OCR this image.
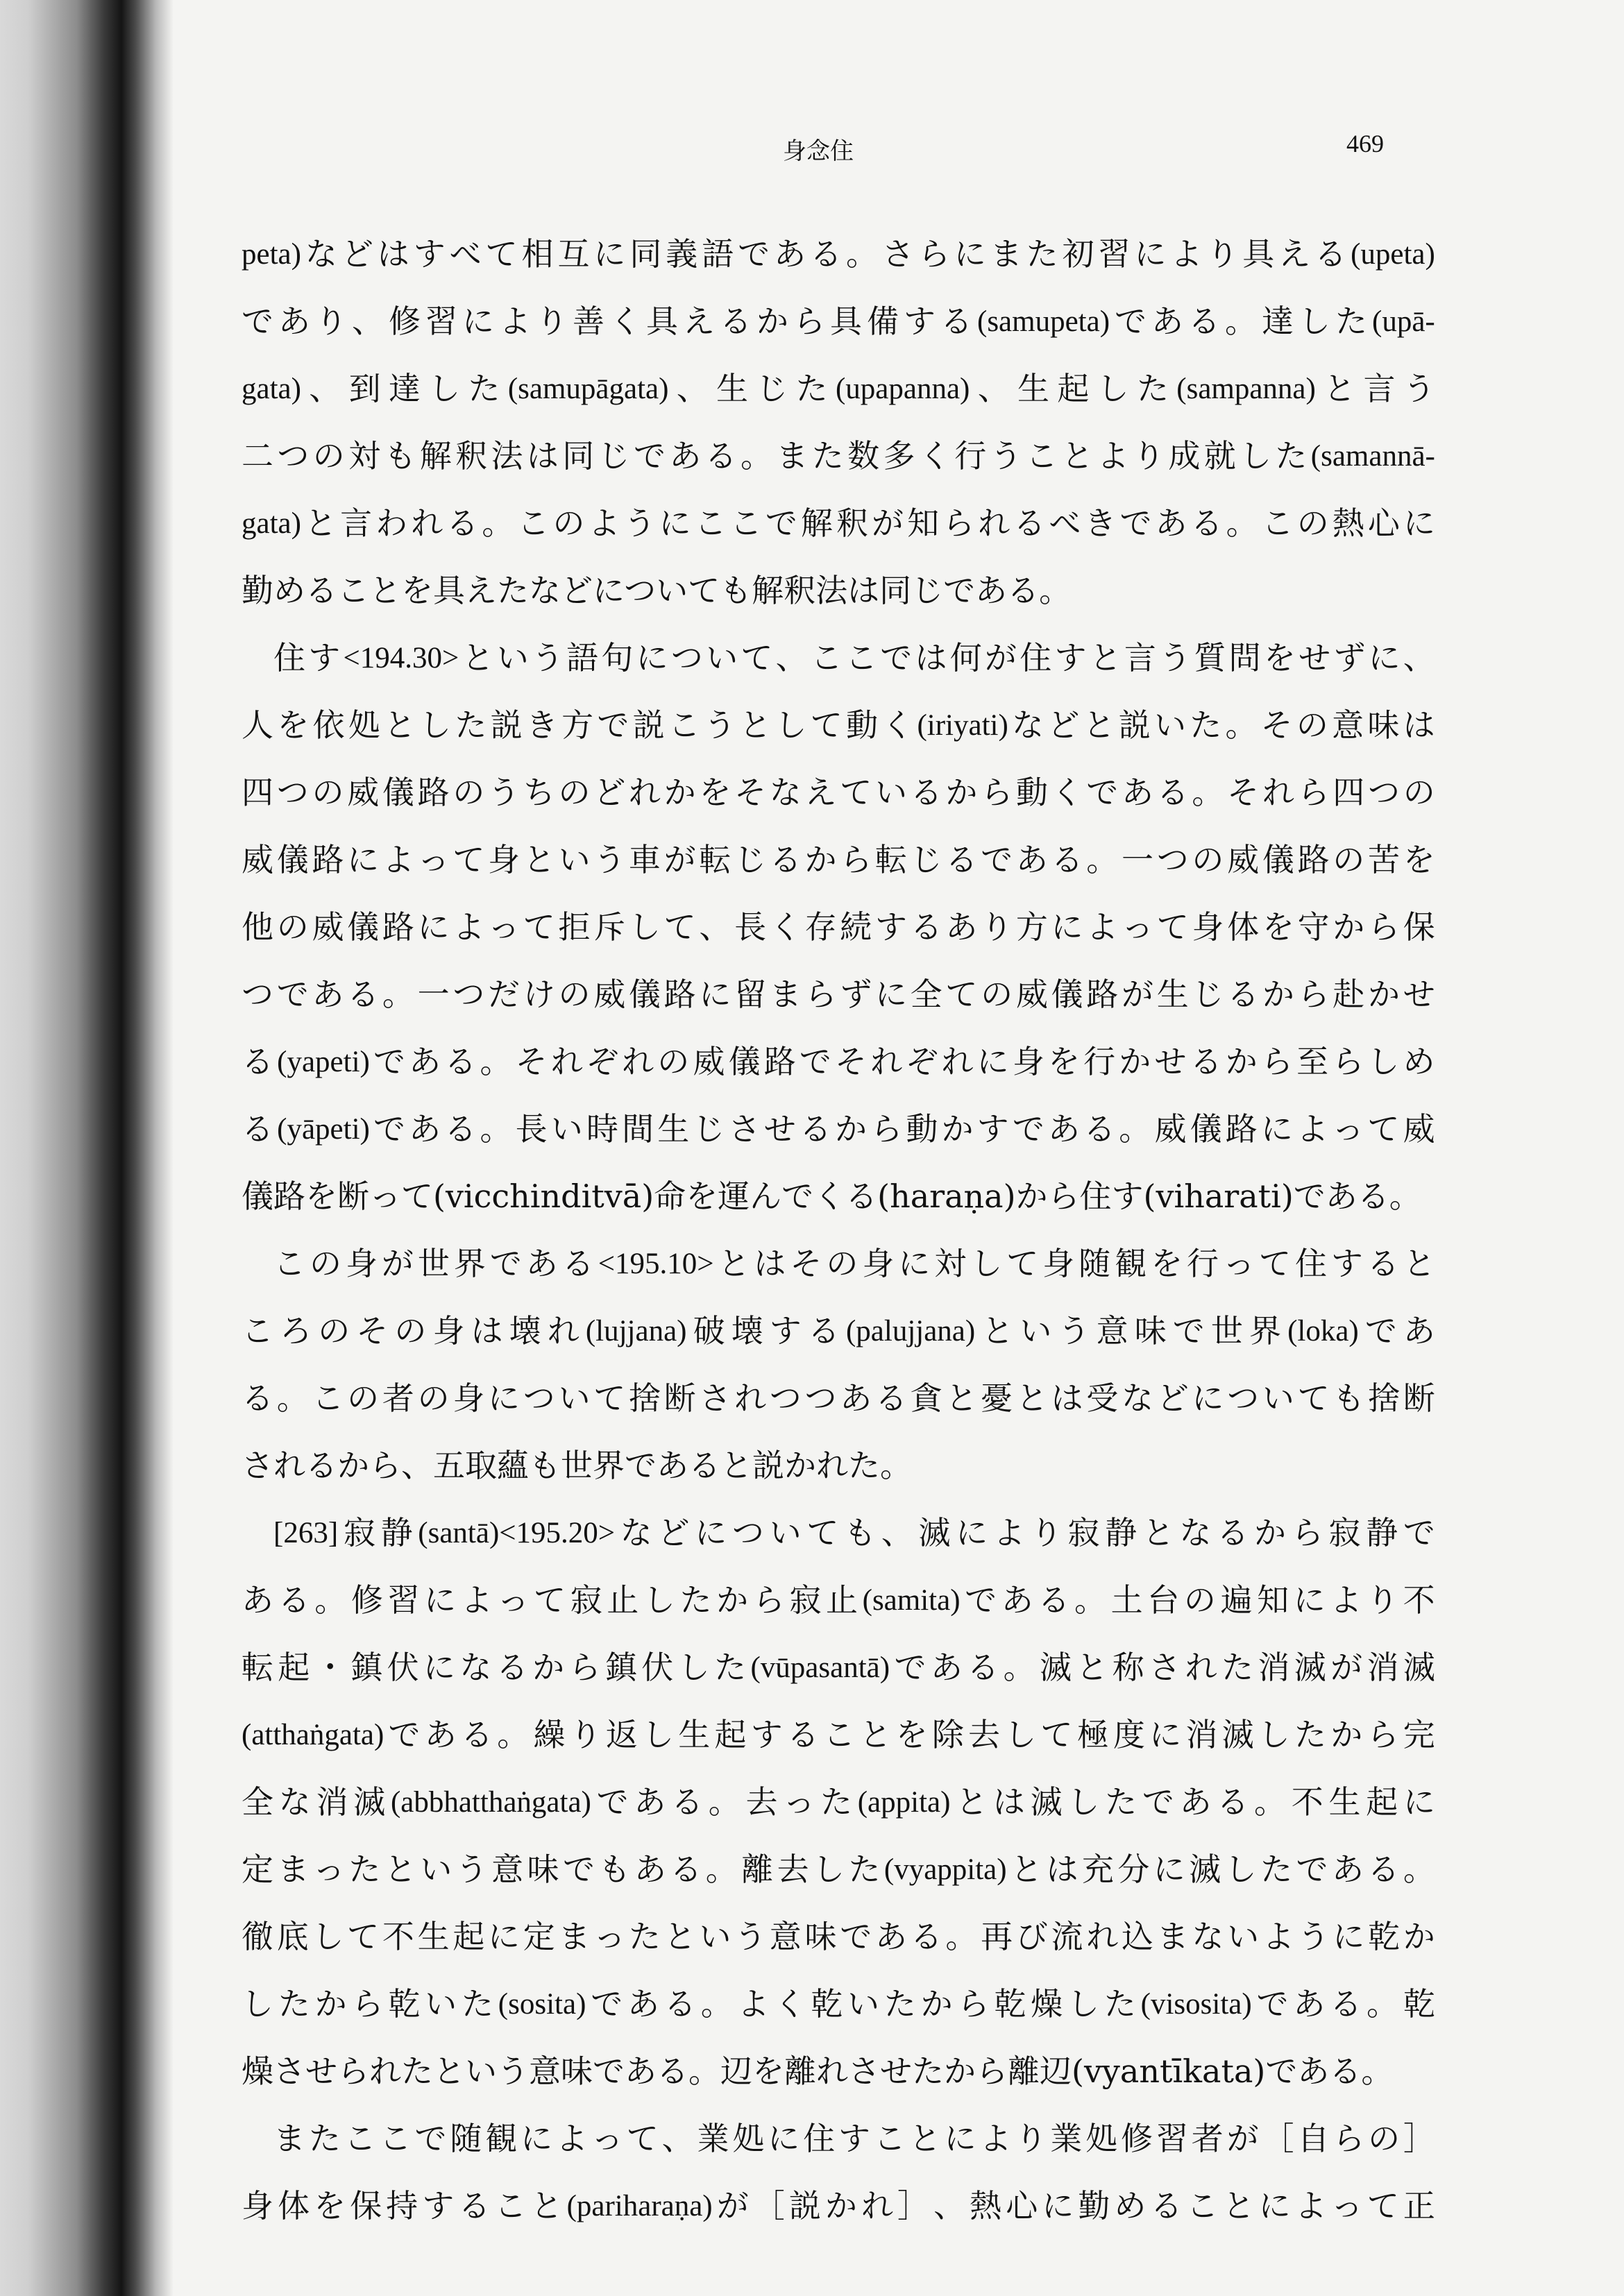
身念住	469
peta) な ど は す べ て 相 互 に 同 義 語 で あ る 。 さ ら に ま た 初 習 に よ り 具 え る (upeta)
で あ り 、 修 習 に よ り 善 く 具 え る か ら 具 備 す る (samupeta) で あ る 。 達 し た (upā-
gata) 、 到 達 し た (samupāgata) 、 生 じ た (upapanna) 、 生 起 し た (sampanna) と 言 う
二 つ の 対 も 解 釈 法 は 同 じ で あ る 。 ま た 数 多 く 行 う こ と よ り 成 就 し た (samannā-
gata) と 言 わ れ る 。 こ の よ う に こ こ で 解 釈 が 知 ら れ る べ き で あ る 。 こ の 熱 心 に
勤めることを具えたなどについても解釈法は同じである。
住 す <194.30> と い う 語 句 に つ い て 、 こ こ で は 何 が 住 す と 言 う 質 問 を せ ず に 、
人 を 依 処 と し た 説 き 方 で 説 こ う と し て 動 く (iriyati) な ど と 説 い た 。 そ の 意 味 は
四 つ の 威 儀 路 の う ち の ど れ か を そ な え て い る か ら 動 く で あ る 。 そ れ ら 四 つ の
威 儀 路 に よ っ て 身 と い う 車 が 転 じ る か ら 転 じ る で あ る 。 一 つ の 威 儀 路 の 苦 を
他 の 威 儀 路 に よ っ て 拒 斥 し て 、 長 く 存 続 す る あ り 方 に よ っ て 身 体 を 守 か ら 保
つ で あ る 。 一 つ だ け の 威 儀 路 に 留 ま ら ず に 全 て の 威 儀 路 が 生 じ る か ら 赴 か せ
る (yapeti) で あ る 。 そ れ ぞ れ の 威 儀 路 で そ れ ぞ れ に 身 を 行 か せ る か ら 至 ら し め
る (yāpeti) で あ る 。 長 い 時 間 生 じ さ せ る か ら 動 か す で あ る 。 威 儀 路 に よ っ て 威
儀路を断って(vicchinditvā)命を運んでくる(haraṇa)から住す(viharati)である。
こ の 身 が 世 界 で あ る <195.10> と は そ の 身 に 対 し て 身 随 観 を 行 っ て 住 す る と
こ ろ の そ の 身 は 壊 れ (lujjana) 破 壊 す る (palujjana) と い う 意 味 で 世 界 (loka) で あ
る 。 こ の 者 の 身 に つ い て 捨 断 さ れ つ つ あ る 貪 と 憂 と は 受 な ど に つ い て も 捨 断
されるから、五取蘊も世界であると説かれた。
[263] 寂 静 (santā)<195.20> な ど に つ い て も 、 滅 に よ り 寂 静 と な る か ら 寂 静 で
あ る 。 修 習 に よ っ て 寂 止 し た か ら 寂 止 (samita) で あ る 。 土 台 の 遍 知 に よ り 不
転 起 ・ 鎮 伏 に な る か ら 鎮 伏 し た (vūpasantā) で あ る 。 滅 と 称 さ れ た 消 滅 が 消 滅
(atthaṅgata) で あ る 。 繰 り 返 し 生 起 す る こ と を 除 去 し て 極 度 に 消 滅 し た か ら 完
全 な 消 滅 (abbhatthaṅgata) で あ る 。 去 っ た (appita) と は 滅 し た で あ る 。 不 生 起 に
定 ま っ た と い う 意 味 で も あ る 。 離 去 し た (vyappita) と は 充 分 に 滅 し た で あ る 。
徹 底 し て 不 生 起 に 定 ま っ た と い う 意 味 で あ る 。 再 び 流 れ 込 ま な い よ う に 乾 か
し た か ら 乾 い た (sosita) で あ る 。 よ く 乾 い た か ら 乾 燥 し た (visosita) で あ る 。 乾
燥させられたという意味である。辺を離れさせたから離辺(vyantīkata)である。
ま た こ こ で 随 観 に よ っ て 、 業 処 に 住 す こ と に よ り 業 処 修 習 者 が ［ 自 ら の ］
身 体 を 保 持 す る こ と (pariharaṇa) が ［ 説 か れ ］ 、 熱 心 に 勤 め る こ と に よ っ て 正
